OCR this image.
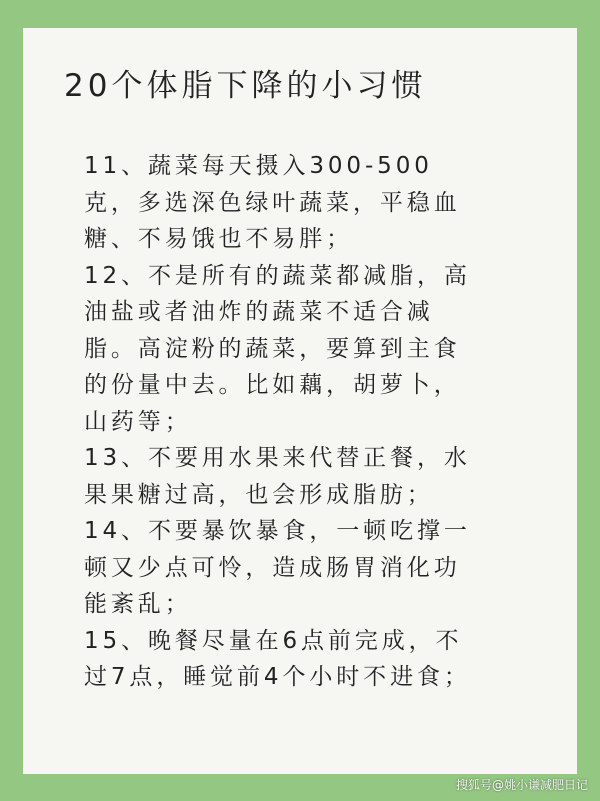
20个体脂下降的小习惯
11、蔬菜每天摄入300-500
克，多选深色绿叶蔬菜，平稳血
糖、不易饿也不易胖；
12、不是所有的蔬菜都减脂，高
油盐或者油炸的蔬菜不适合减
脂。高淀粉的蔬菜，要算到主食
的份量中去。比如藕，胡萝卜，
山药等；
13、不要用水果来代替正餐，水
果果糖过高，也会形成脂肪；
14、不要暴饮暴食，一顿吃撑一
顿又少点可怜，造成肠胃消化功
能紊乱；
15、晚餐尽量在6点前完成，不
过7点，睡觉前4个小时不进食；
搜狐号@姚小谦减肥日记
